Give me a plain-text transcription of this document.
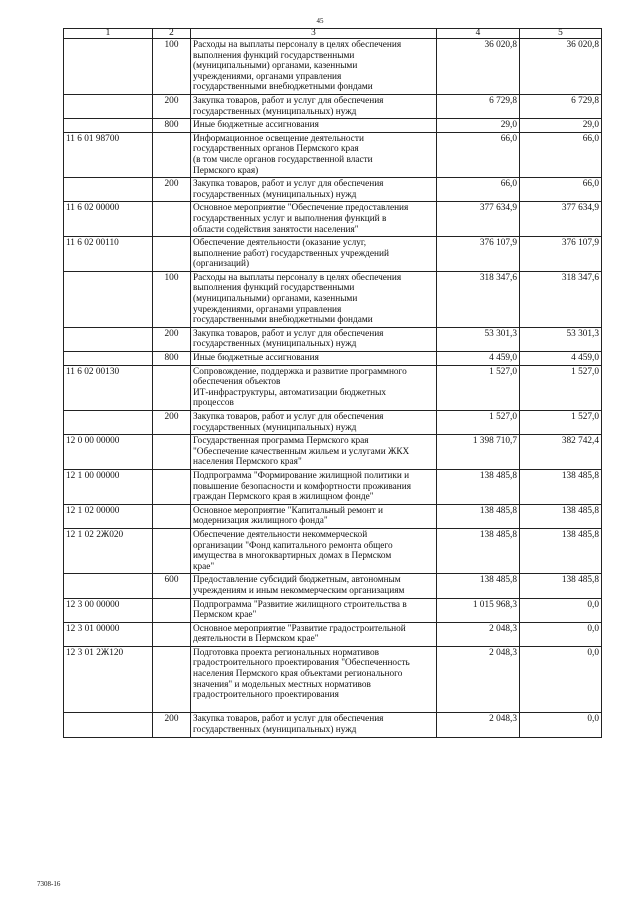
45
1	2	3	4	5
	100	Расходы на выплаты персоналу в целях обеспечения
выполнения функций государственными
(муниципальными) органами, казенными
учреждениями, органами управления
государственными внебюджетными фондами	36 020,8	36 020,8
	200	Закупка товаров, работ и услуг для обеспечения
государственных (муниципальных) нужд	6 729,8	6 729,8
	800	Иные бюджетные ассигнования	29,0	29,0
11 6 01 98700		Информационное освещение деятельности
государственных органов Пермского края
(в том числе органов государственной власти
Пермского края)	66,0	66,0
	200	Закупка товаров, работ и услуг для обеспечения
государственных (муниципальных) нужд	66,0	66,0
11 6 02 00000		Основное мероприятие "Обеспечение предоставления
государственных услуг и выполнения функций в
области содействия занятости населения"	377 634,9	377 634,9
11 6 02 00110		Обеспечение деятельности (оказание услуг,
выполнение работ) государственных учреждений
(организаций)	376 107,9	376 107,9
	100	Расходы на выплаты персоналу в целях обеспечения
выполнения функций государственными
(муниципальными) органами, казенными
учреждениями, органами управления
государственными внебюджетными фондами	318 347,6	318 347,6
	200	Закупка товаров, работ и услуг для обеспечения
государственных (муниципальных) нужд	53 301,3	53 301,3
	800	Иные бюджетные ассигнования	4 459,0	4 459,0
11 6 02 00130		Сопровождение, поддержка и развитие программного
обеспечения объектов
ИТ-инфраструктуры, автоматизации бюджетных
процессов	1 527,0	1 527,0
	200	Закупка товаров, работ и услуг для обеспечения
государственных (муниципальных) нужд	1 527,0	1 527,0
12 0 00 00000		Государственная программа Пермского края
"Обеспечение качественным жильем и услугами ЖКХ
населения Пермского края"	1 398 710,7	382 742,4
12 1 00 00000		Подпрограмма "Формирование жилищной политики и
повышение безопасности и комфортности проживания
граждан Пермского края в жилищном фонде"	138 485,8	138 485,8
12 1 02 00000		Основное мероприятие "Капитальный ремонт и
модернизация жилищного фонда"	138 485,8	138 485,8
12 1 02 2Ж020		Обеспечение деятельности некоммерческой
организации "Фонд капитального ремонта общего
имущества в многоквартирных домах в Пермском
крае"	138 485,8	138 485,8
	600	Предоставление субсидий бюджетным, автономным
учреждениям и иным некоммерческим организациям	138 485,8	138 485,8
12 3 00 00000		Подпрограмма "Развитие жилищного строительства в
Пермском крае"	1 015 968,3	0,0
12 3 01 00000		Основное мероприятие "Развитие градостроительной
деятельности в Пермском крае"	2 048,3	0,0
12 3 01 2Ж120		Подготовка проекта региональных нормативов
градостроительного проектирования "Обеспеченность
населения Пермского края объектами регионального
значения" и модельных местных нормативов
градостроительного проектирования	2 048,3	0,0
	200	Закупка товаров, работ и услуг для обеспечения
государственных (муниципальных) нужд	2 048,3	0,0
7308-16
